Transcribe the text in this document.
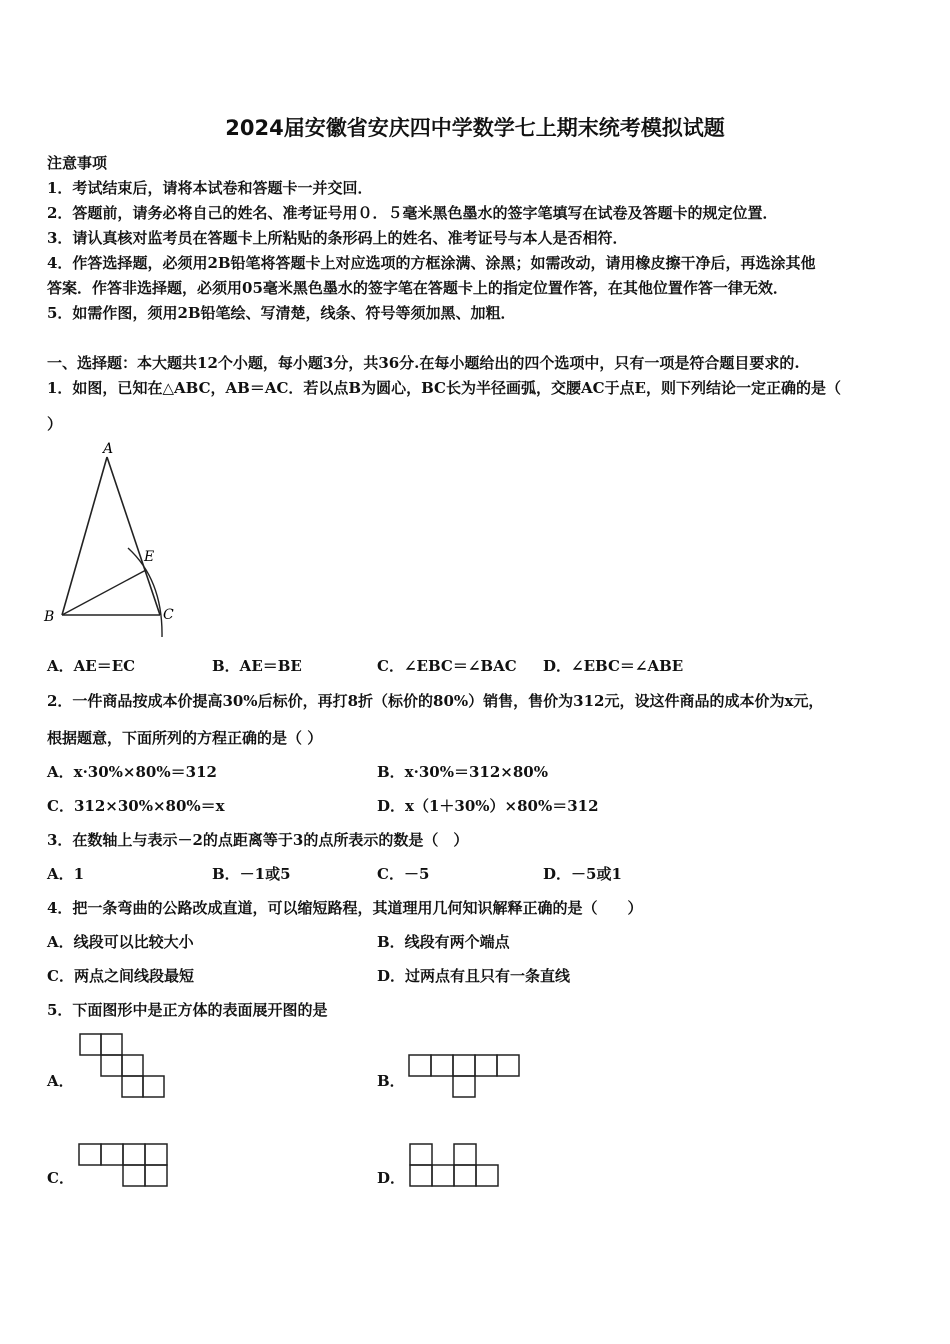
2024届安徽省安庆四中学数学七上期末统考模拟试题
注意事项
1．考试结束后，请将本试卷和答题卡一并交回．
2．答题前，请务必将自己的姓名、准考证号用０．５毫米黑色墨水的签字笔填写在试卷及答题卡的规定位置．
3．请认真核对监考员在答题卡上所粘贴的条形码上的姓名、准考证号与本人是否相符．
4．作答选择题，必须用2B铅笔将答题卡上对应选项的方框涂满、涂黑；如需改动，请用橡皮擦干净后，再选涂其他
答案．作答非选择题，必须用05毫米黑色墨水的签字笔在答题卡上的指定位置作答，在其他位置作答一律无效．
5．如需作图，须用2B铅笔绘、写清楚，线条、符号等须加黑、加粗．
一、选择题：本大题共12个小题，每小题3分，共36分.在每小题给出的四个选项中，只有一项是符合题目要求的.
1．如图，已知在△ABC，AB＝AC．若以点B为圆心，BC长为半径画弧，交腰AC于点E，则下列结论一定正确的是（
）
A
B	C
E
A．AE＝EC	B．AE＝BE	C．∠EBC＝∠BAC D．∠EBC＝∠ABE
2．一件商品按成本价提高30%后标价，再打8折（标价的80%）销售，售价为312元，设这件商品的成本价为x元，
根据题意，下面所列的方程正确的是（ ）
A．x·30%×80%＝312	B．x·30%＝312×80%
C．312×30%×80%＝x	D．x（1＋30%）×80%＝312
3．在数轴上与表示－2的点距离等于3的点所表示的数是（　）
A．1	B．－1或5	C．－5	D．－5或1
4．把一条弯曲的公路改成直道，可以缩短路程，其道理用几何知识解释正确的是（　　）
A．线段可以比较大小	B．线段有两个端点
C．两点之间线段最短	D．过两点有且只有一条直线
5．下面图形中是正方体的表面展开图的是
A．	B．
C．	D．
